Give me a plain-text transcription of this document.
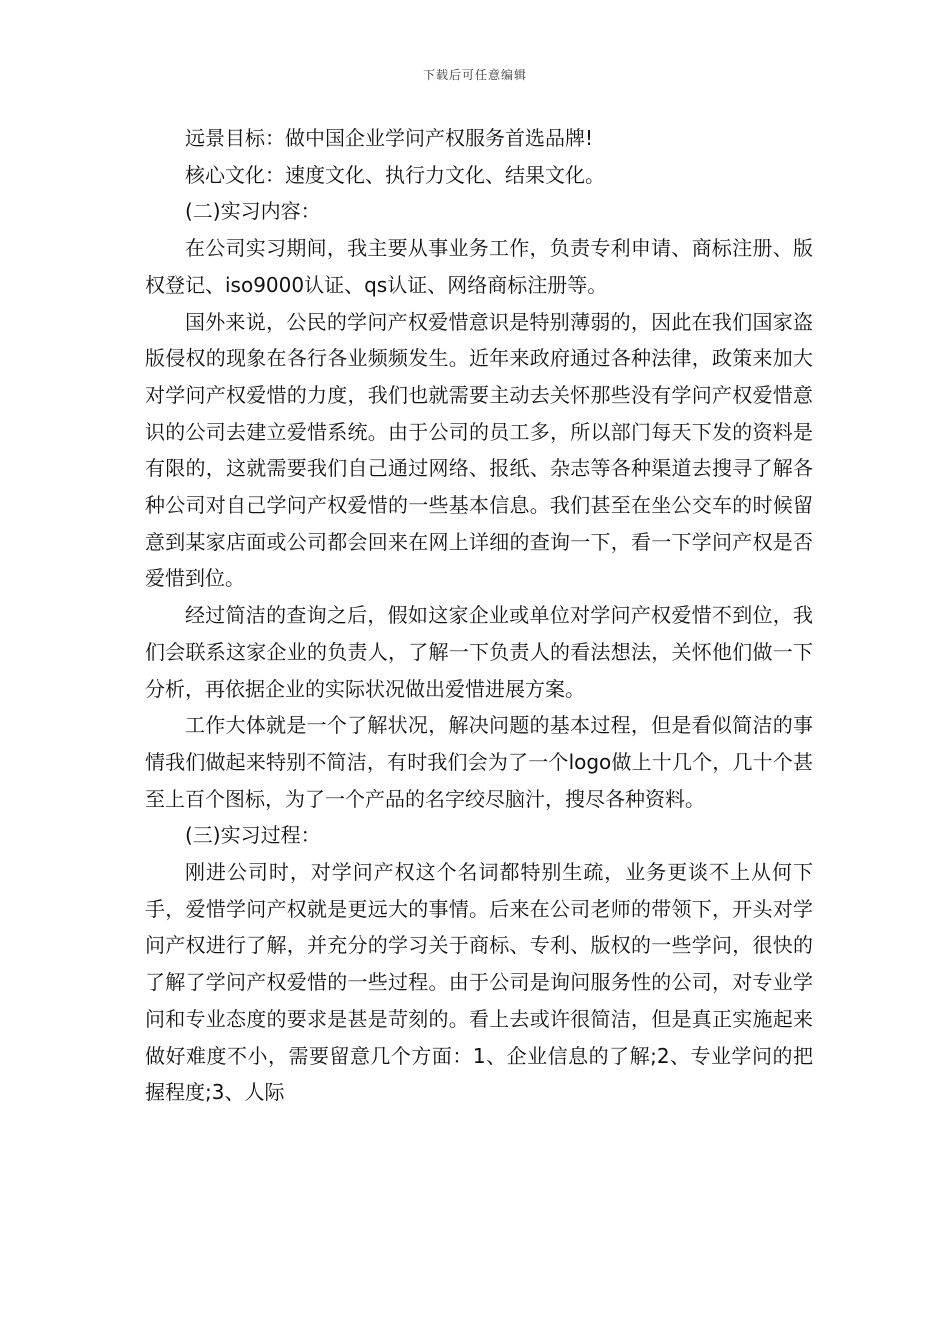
下载后可任意编辑

远景目标：做中国企业学问产权服务首选品牌!

核心文化：速度文化、执行力文化、结果文化。

(二)实习内容：

在公司实习期间，我主要从事业务工作，负责专利申请、商标注册、版权登记、iso9000认证、qs认证、网络商标注册等。

国外来说，公民的学问产权爱惜意识是特别薄弱的，因此在我们国家盗版侵权的现象在各行各业频频发生。近年来政府通过各种法律，政策来加大对学问产权爱惜的力度，我们也就需要主动去关怀那些没有学问产权爱惜意识的公司去建立爱惜系统。由于公司的员工多，所以部门每天下发的资料是有限的，这就需要我们自己通过网络、报纸、杂志等各种渠道去搜寻了解各种公司对自己学问产权爱惜的一些基本信息。我们甚至在坐公交车的时候留意到某家店面或公司都会回来在网上详细的查询一下，看一下学问产权是否爱惜到位。

经过简洁的查询之后，假如这家企业或单位对学问产权爱惜不到位，我们会联系这家企业的负责人，了解一下负责人的看法想法，关怀他们做一下分析，再依据企业的实际状况做出爱惜进展方案。

工作大体就是一个了解状况，解决问题的基本过程，但是看似简洁的事情我们做起来特别不简洁，有时我们会为了一个logo做上十几个，几十个甚至上百个图标，为了一个产品的名字绞尽脑汁，搜尽各种资料。

(三)实习过程：

刚进公司时，对学问产权这个名词都特别生疏，业务更谈不上从何下手，爱惜学问产权就是更远大的事情。后来在公司老师的带领下，开头对学问产权进行了解，并充分的学习关于商标、专利、版权的一些学问，很快的了解了学问产权爱惜的一些过程。由于公司是询问服务性的公司，对专业学问和专业态度的要求是甚是苛刻的。看上去或许很简洁，但是真正实施起来做好难度不小，需要留意几个方面：1、企业信息的了解;2、专业学问的把握程度;3、人际
